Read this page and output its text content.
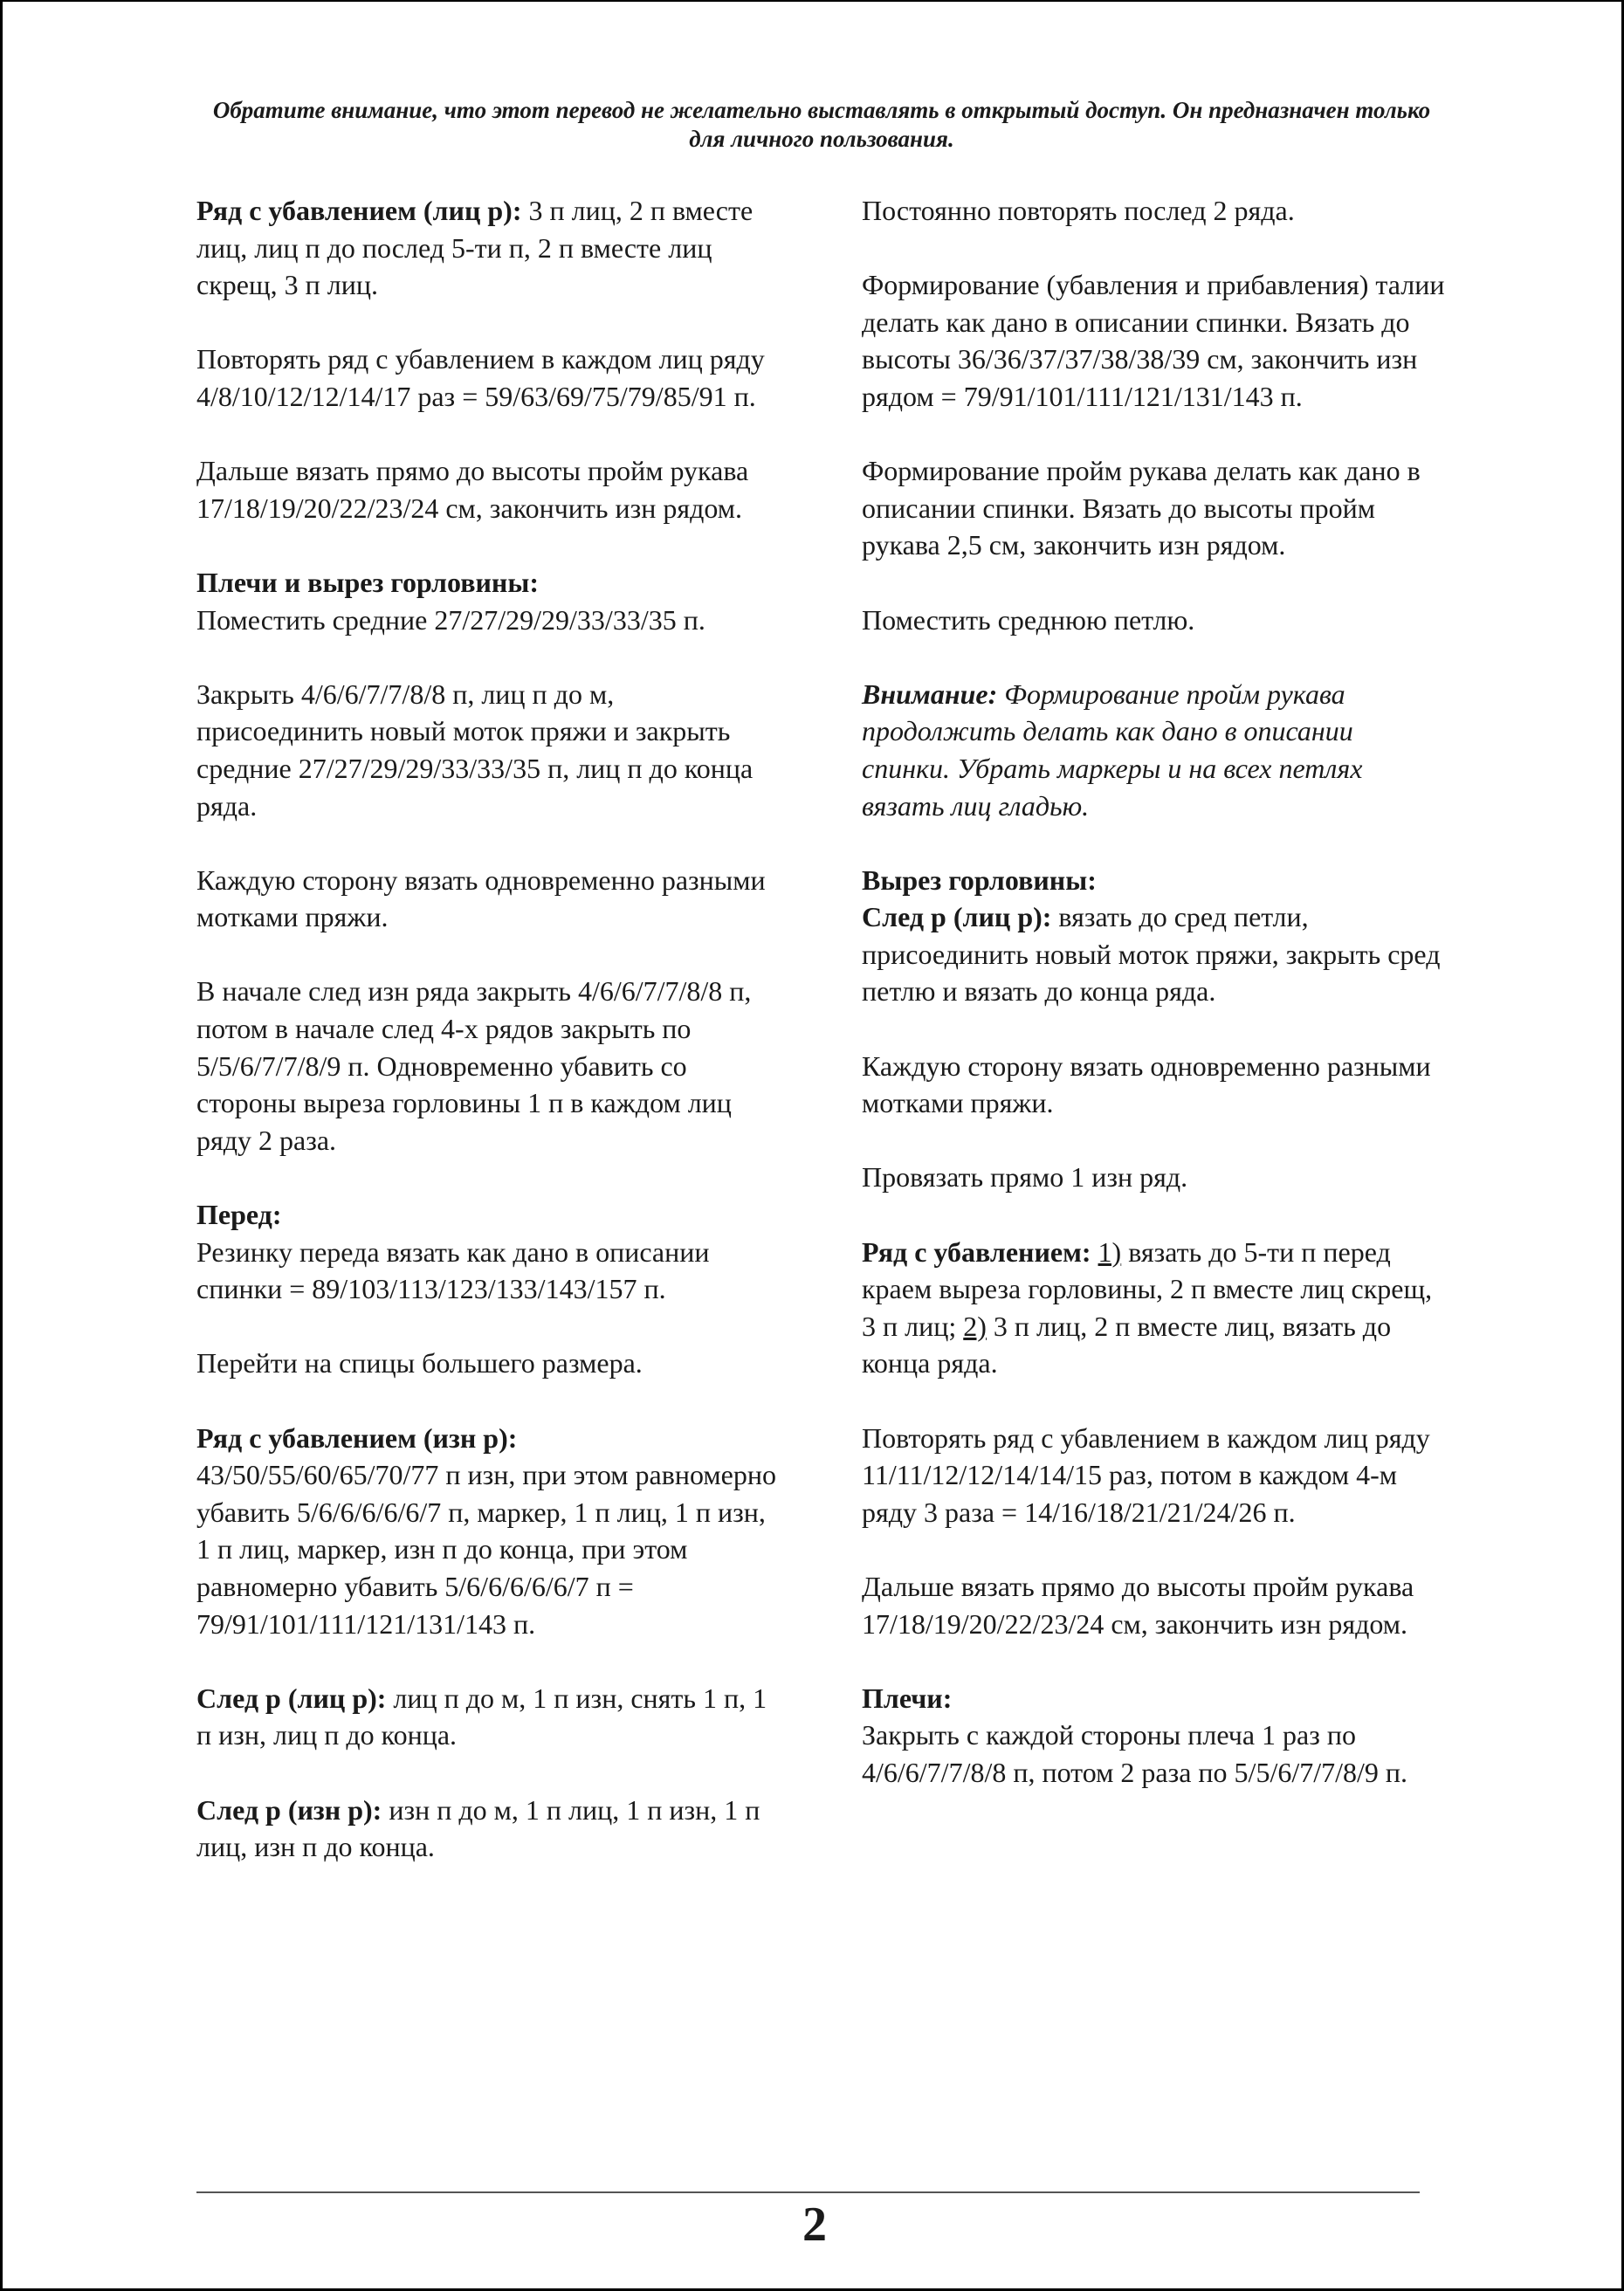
Обратите внимание, что этот перевод не желательно выставлять в открытый доступ. Он предназначен только для личного пользования.

Ряд с убавлением (лиц р): 3 п лиц, 2 п вместе лиц, лиц п до послед 5-ти п, 2 п вместе лиц скрещ, 3 п лиц.

Повторять ряд с убавлением в каждом лиц ряду 4/8/10/12/12/14/17 раз = 59/63/69/75/79/85/91 п.

Дальше вязать прямо до высоты пройм рукава 17/18/19/20/22/23/24 см, закончить изн рядом.

Плечи и вырез горловины:

Поместить средние 27/27/29/29/33/33/35 п.

Закрыть 4/6/6/7/7/8/8 п, лиц п до м, присоединить новый моток пряжи и закрыть средние 27/27/29/29/33/33/35 п, лиц п до конца ряда.

Каждую сторону вязать одновременно разными мотками пряжи.

В начале след изн ряда закрыть 4/6/6/7/7/8/8 п, потом в начале след 4-х рядов закрыть по 5/5/6/7/7/8/9 п. Одновременно убавить со стороны выреза горловины 1 п в каждом лиц ряду 2 раза.

Перед:

Резинку переда вязать как дано в описании спинки = 89/103/113/123/133/143/157 п.

Перейти на спицы большего размера.

Ряд с убавлением (изн р):

43/50/55/60/65/70/77 п изн, при этом равномерно убавить 5/6/6/6/6/6/7 п, маркер, 1 п лиц, 1 п изн, 1 п лиц, маркер, изн п до конца, при этом равномерно убавить 5/6/6/6/6/6/7 п = 79/91/101/111/121/131/143 п.

След р (лиц р): лиц п до м, 1 п изн, снять 1 п, 1 п изн, лиц п до конца.

След р (изн р): изн п до м, 1 п лиц, 1 п изн, 1 п лиц, изн п до конца.

Постоянно повторять послед 2 ряда.

Формирование (убавления и прибавления) талии делать как дано в описании спинки. Вязать до высоты 36/36/37/37/38/38/39 см, закончить изн рядом = 79/91/101/111/121/131/143 п.

Формирование пройм рукава делать как дано в описании спинки. Вязать до высоты пройм рукава 2,5 см, закончить изн рядом.

Поместить среднюю петлю.

Внимание: Формирование пройм рукава продолжить делать как дано в описании спинки. Убрать маркеры и на всех петлях вязать лиц гладью.

Вырез горловины:

След р (лиц р): вязать до сред петли, присоединить новый моток пряжи, закрыть сред петлю и вязать до конца ряда.

Каждую сторону вязать одновременно разными мотками пряжи.

Провязать прямо 1 изн ряд.

Ряд с убавлением: 1) вязать до 5-ти п перед краем выреза горловины, 2 п вместе лиц скрещ, 3 п лиц; 2) 3 п лиц, 2 п вместе лиц, вязать до конца ряда.

Повторять ряд с убавлением в каждом лиц ряду 11/11/12/12/14/14/15 раз, потом в каждом 4-м ряду 3 раза = 14/16/18/21/21/24/26 п.

Дальше вязать прямо до высоты пройм рукава 17/18/19/20/22/23/24 см, закончить изн рядом.

Плечи:

Закрыть с каждой стороны плеча 1 раз по 4/6/6/7/7/8/8 п, потом 2 раза по 5/5/6/7/7/8/9 п.

2
